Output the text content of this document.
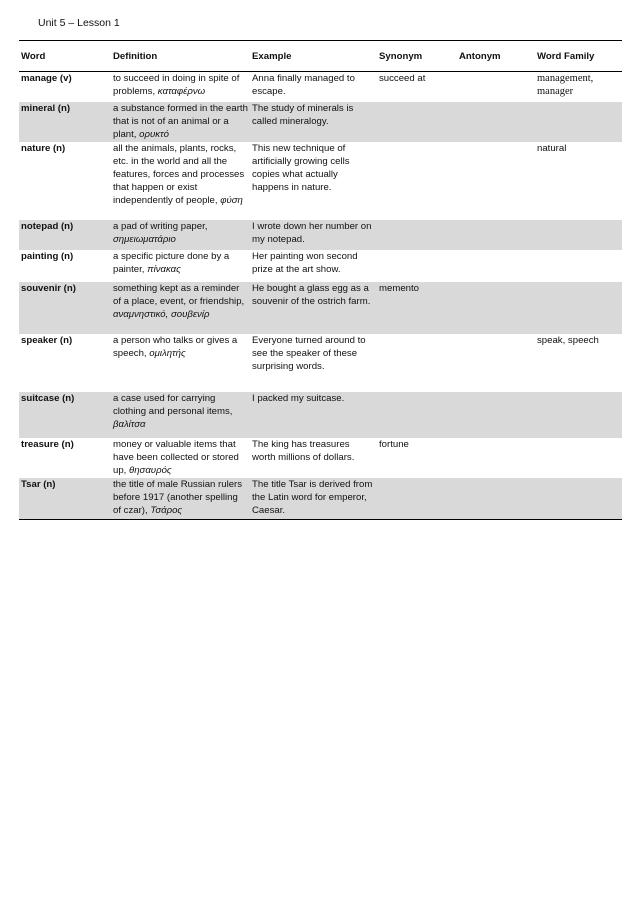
Unit 5 – Lesson 1
Word	Definition	Example	Synonym	Antonym	Word Family
manage (v)	to succeed in doing in spite of problems, καταφέρνω	Anna finally managed to escape.	succeed at		management, manager
mineral (n)	a substance formed in the earth that is not of an animal or a plant, ορυκτό	The study of minerals is called mineralogy.			
nature (n)	all the animals, plants, rocks, etc. in the world and all the features, forces and processes that happen or exist independently of people, φύση	This new technique of artificially growing cells copies what actually happens in nature.			natural
notepad (n)	a pad of writing paper, σημειωματάριο	I wrote down her number on my notepad.			
painting (n)	a specific picture done by a painter, πίνακας	Her painting won second prize at the art show.			
souvenir (n)	something kept as a reminder of a place, event, or friendship, αναμνηστικό, σουβενίρ	He bought a glass egg as a souvenir of the ostrich farm.	memento		
speaker (n)	a person who talks or gives a speech, ομιλητής	Everyone turned around to see the speaker of these surprising words.			speak, speech
suitcase (n)	a case used for carrying clothing and personal items, βαλίτσα	I packed my suitcase.			
treasure (n)	money or valuable items that have been collected or stored up, θησαυρός	The king has treasures worth millions of dollars.	fortune		
Tsar (n)	the title of male Russian rulers before 1917 (another spelling of czar), Τσάρος	The title Tsar is derived from the Latin word for emperor, Caesar.			
